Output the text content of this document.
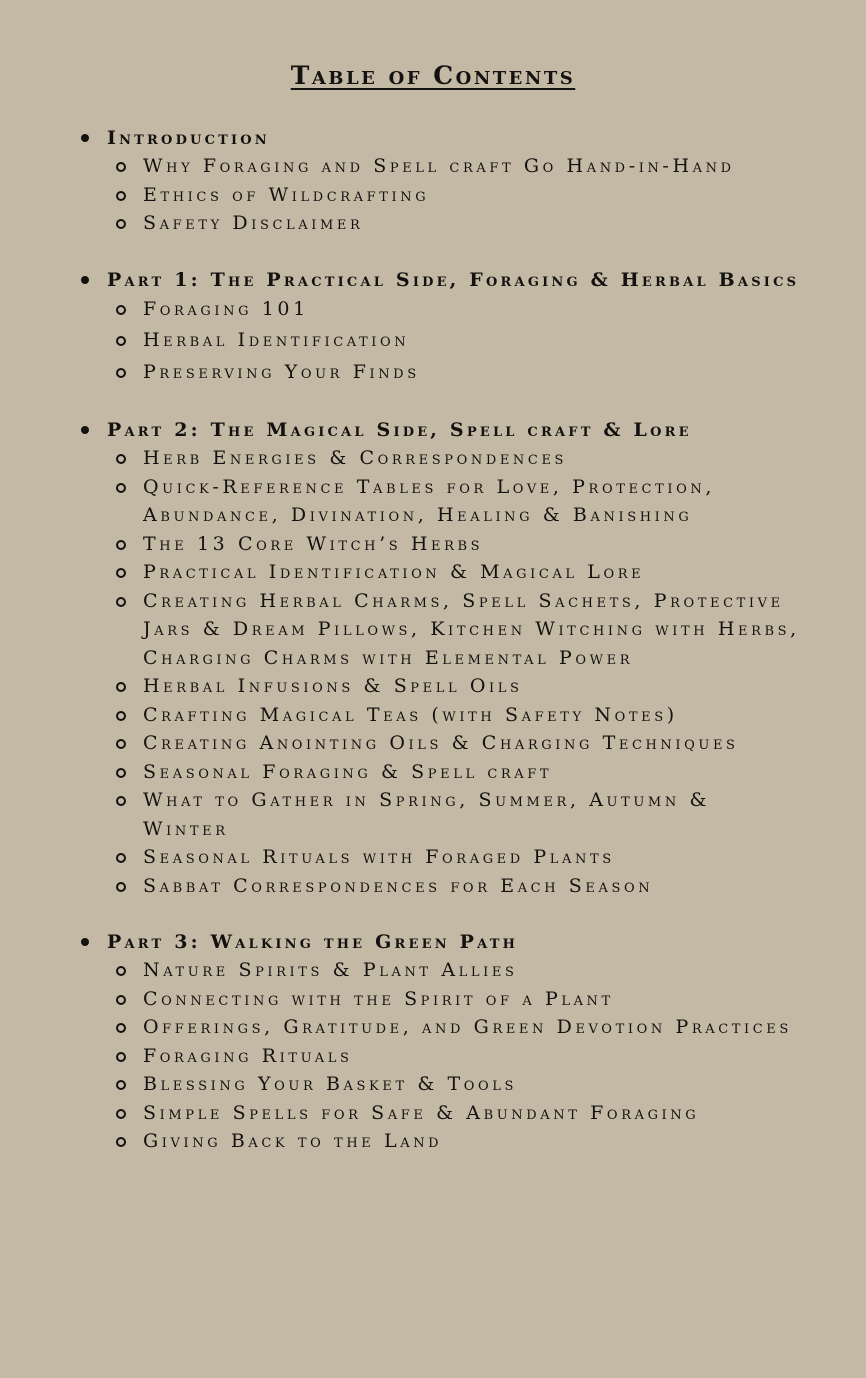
Table of Contents
Introduction
Why Foraging and Spell craft Go Hand-in-Hand
Ethics of Wildcrafting
Safety Disclaimer
Part 1: The Practical Side, Foraging & Herbal Basics
Foraging 101
Herbal Identification
Preserving Your Finds
Part 2: The Magical Side, Spell craft & Lore
Herb Energies & Correspondences
Quick-Reference Tables for Love, Protection, Abundance, Divination, Healing & Banishing
The 13 Core Witch’s Herbs
Practical Identification & Magical Lore
Creating Herbal Charms, Spell Sachets, Protective Jars & Dream Pillows, Kitchen Witching with Herbs, Charging Charms with Elemental Power
Herbal Infusions & Spell Oils
Crafting Magical Teas (with Safety Notes)
Creating Anointing Oils & Charging Techniques
Seasonal Foraging & Spell craft
What to Gather in Spring, Summer, Autumn & Winter
Seasonal Rituals with Foraged Plants
Sabbat Correspondences for Each Season
Part 3: Walking the Green Path
Nature Spirits & Plant Allies
Connecting with the Spirit of a Plant
Offerings, Gratitude, and Green Devotion Practices
Foraging Rituals
Blessing Your Basket & Tools
Simple Spells for Safe & Abundant Foraging
Giving Back to the Land
